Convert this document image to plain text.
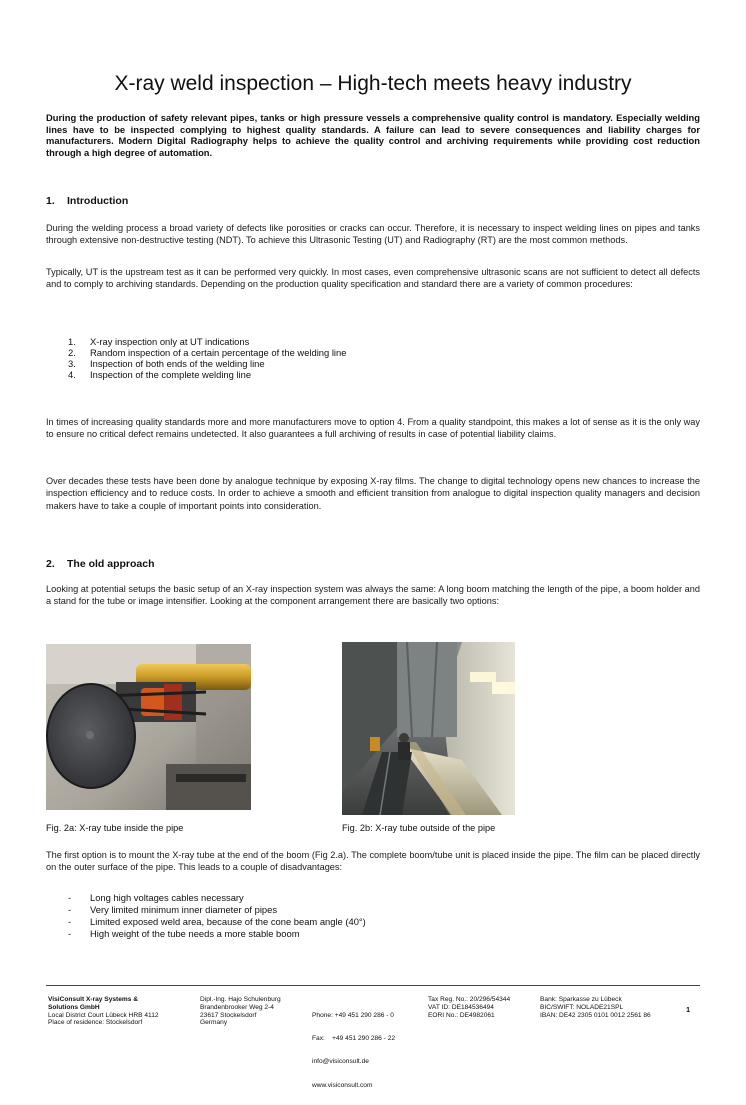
X-ray weld inspection – High-tech meets heavy industry
During the production of safety relevant pipes, tanks or high pressure vessels a comprehensive quality control is mandatory. Especially welding lines have to be inspected complying to highest quality standards. A failure can lead to severe consequences and liability charges for manufacturers. Modern Digital Radiography helps to achieve the quality control and archiving requirements while providing cost reduction through a high degree of automation.
1. Introduction
During the welding process a broad variety of defects like porosities or cracks can occur. Therefore, it is necessary to inspect welding lines on pipes and tanks through extensive non-destructive testing (NDT). To achieve this Ultrasonic Testing (UT) and Radiography (RT) are the most common methods.
Typically, UT is the upstream test as it can be performed very quickly. In most cases, even comprehensive ultrasonic scans are not sufficient to detect all defects and to comply to archiving standards. Depending on the production quality specification and standard there are a variety of common procedures:
1. X-ray inspection only at UT indications
2. Random inspection of a certain percentage of the welding line
3. Inspection of both ends of the welding line
4. Inspection of the complete welding line
In times of increasing quality standards more and more manufacturers move to option 4. From a quality standpoint, this makes a lot of sense as it is the only way to ensure no critical defect remains undetected. It also guarantees a full archiving of results in case of potential liability claims.
Over decades these tests have been done by analogue technique by exposing X-ray films. The change to digital technology opens new chances to increase the inspection efficiency and to reduce costs. In order to achieve a smooth and efficient transition from analogue to digital inspection quality managers and decision makers have to take a couple of important points into consideration.
2. The old approach
Looking at potential setups the basic setup of an X-ray inspection system was always the same: A long boom matching the length of the pipe, a boom holder and a stand for the tube or image intensifier. Looking at the component arrangement there are basically two options:
Fig. 2a: X-ray tube inside the pipe	Fig. 2b: X-ray tube outside of the pipe
The first option is to mount the X-ray tube at the end of the boom (Fig 2.a). The complete boom/tube unit is placed inside the pipe. The film can be placed directly on the outer surface of the pipe. This leads to a couple of disadvantages:
- Long high voltages cables necessary
- Very limited minimum inner diameter of pipes
- Limited exposed weld area, because of the cone beam angle (40°)
- High weight of the tube needs a more stable boom
VisiConsult X-ray Systems &
Solutions GmbH
Local District Court Lübeck HRB 4112
Place of residence: Stockelsdorf
Dipl.-Ing. Hajo Schulenburg
Brandenbrooker Weg 2-4
23617 Stockelsdorf
Germany

Phone: +49 451 290 286 - 0

Fax:    +49 451 290 286 - 22

info@visiconsult.de

www.visiconsult.com

Tax Reg. No.: 20/296/54344
VAT ID: DE184536494
EORI No.: DE4982061
Bank: Sparkasse zu Lübeck
BIC/SWIFT: NOLADE21SPL
IBAN: DE42 2305 0101 0012 2561 86
1
